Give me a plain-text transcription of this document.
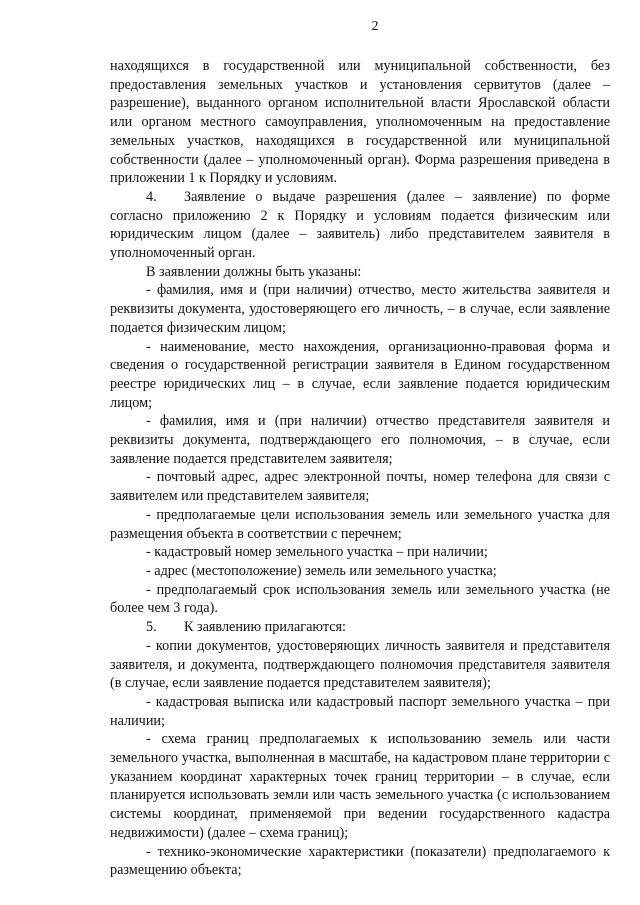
2

находящихся в государственной или муниципальной собственности, без предоставления земельных участков и установления сервитутов (далее – разрешение), выданного органом исполнительной власти Ярославской области или органом местного самоуправления, уполномоченным на предоставление земельных участков, находящихся в государственной или муниципальной собственности (далее – уполномоченный орган). Форма разрешения приведена в приложении 1 к Порядку и условиям.

4. Заявление о выдаче разрешения (далее – заявление) по форме согласно приложению 2 к Порядку и условиям подается физическим или юридическим лицом (далее – заявитель) либо представителем заявителя в уполномоченный орган.

В заявлении должны быть указаны:

- фамилия, имя и (при наличии) отчество, место жительства заявителя и реквизиты документа, удостоверяющего его личность, – в случае, если заявление подается физическим лицом;

- наименование, место нахождения, организационно-правовая форма и сведения о государственной регистрации заявителя в Едином государственном реестре юридических лиц – в случае, если заявление подается юридическим лицом;

- фамилия, имя и (при наличии) отчество представителя заявителя и реквизиты документа, подтверждающего его полномочия, – в случае, если заявление подается представителем заявителя;

- почтовый адрес, адрес электронной почты, номер телефона для связи с заявителем или представителем заявителя;

- предполагаемые цели использования земель или земельного участка для размещения объекта в соответствии с перечнем;

- кадастровый номер земельного участка – при наличии;

- адрес (местоположение) земель или земельного участка;

- предполагаемый срок использования земель или земельного участка (не более чем 3 года).

5. К заявлению прилагаются:

- копии документов, удостоверяющих личность заявителя и представителя заявителя, и документа, подтверждающего полномочия представителя заявителя (в случае, если заявление подается представителем заявителя);

- кадастровая выписка или кадастровый паспорт земельного участка – при наличии;

- схема границ предполагаемых к использованию земель или части земельного участка, выполненная в масштабе, на кадастровом плане территории с указанием координат характерных точек границ территории – в случае, если планируется использовать земли или часть земельного участка (с использованием системы координат, применяемой при ведении государственного кадастра недвижимости) (далее – схема границ);

- технико-экономические характеристики (показатели) предполагаемого к размещению объекта;
